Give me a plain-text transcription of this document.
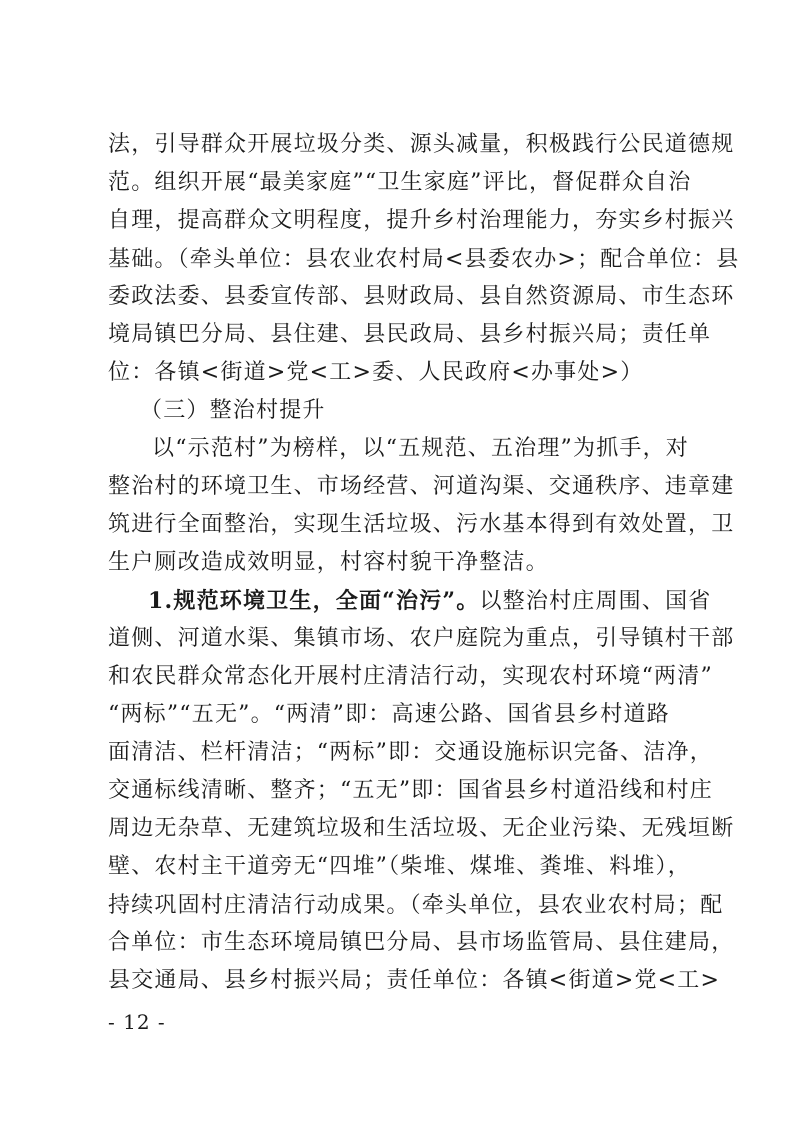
法，引导群众开展垃圾分类、源头减量，积极践行公民道德规
范。组织开展“最美家庭”“卫生家庭”评比，督促群众自治
自理，提高群众文明程度，提升乡村治理能力，夯实乡村振兴
基础。（牵头单位：县农业农村局<县委农办>；配合单位：县
委政法委、县委宣传部、县财政局、县自然资源局、市生态环
境局镇巴分局、县住建、县民政局、县乡村振兴局；责任单
位：各镇<街道>党<工>委、人民政府<办事处>）
（三）整治村提升
以“示范村”为榜样，以“五规范、五治理”为抓手，对
整治村的环境卫生、市场经营、河道沟渠、交通秩序、违章建
筑进行全面整治，实现生活垃圾、污水基本得到有效处置，卫
生户厕改造成效明显，村容村貌干净整洁。
1.规范环境卫生，全面“治污”。以整治村庄周围、国省
道侧、河道水渠、集镇市场、农户庭院为重点，引导镇村干部
和农民群众常态化开展村庄清洁行动，实现农村环境“两清”
“两标”“五无”。“两清”即：高速公路、国省县乡村道路
面清洁、栏杆清洁；“两标”即：交通设施标识完备、洁净，
交通标线清晰、整齐；“五无”即：国省县乡村道沿线和村庄
周边无杂草、无建筑垃圾和生活垃圾、无企业污染、无残垣断
壁、农村主干道旁无“四堆”（柴堆、煤堆、粪堆、料堆），
持续巩固村庄清洁行动成果。（牵头单位，县农业农村局；配
合单位：市生态环境局镇巴分局、县市场监管局、县住建局，
县交通局、县乡村振兴局；责任单位：各镇<街道>党<工>
- 12 -
